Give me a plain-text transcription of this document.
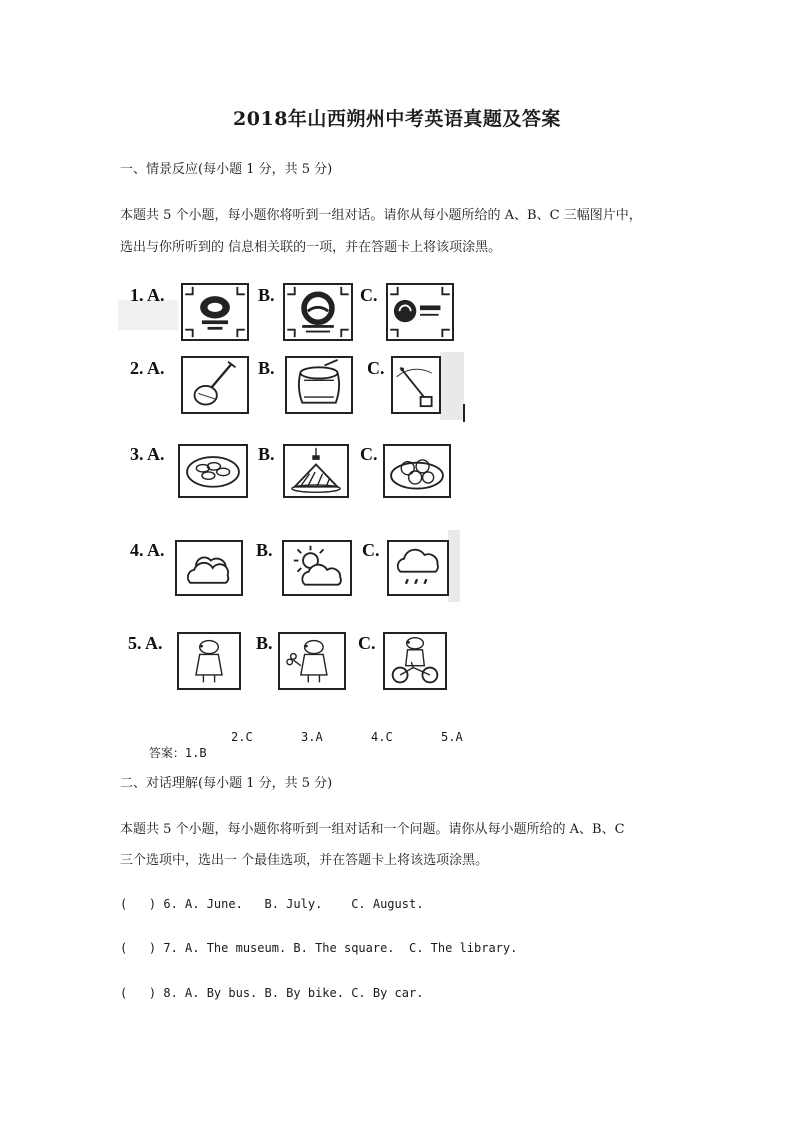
2018年山西朔州中考英语真题及答案
一、情景反应(每小题 1 分，共 5 分)
本题共 5 个小题，每小题你将听到一组对话。请你从每小题所给的 A、B、C 三幅图片中，
选出与你所听到的 信息相关联的一项，并在答题卡上将该项涂黑。
1. A.	B.	C.
2. A.	B.	C.
3. A.	B.	C.
4. A.	B.	C.
5. A.	B.	C.

答案：1.B

2.C	3.A	4.C	5.A
二、对话理解(每小题 1 分，共 5 分)
本题共 5 个小题，每小题你将听到一组对话和一个问题。请你从每小题所给的 A、B、C
三个选项中，选出一 个最佳选项，并在答题卡上将该选项涂黑。
(   ) 6. A. June.   B. July.    C. August.
(   ) 7. A. The museum. B. The square.  C. The library.
(   ) 8. A. By bus. B. By bike. C. By car.
